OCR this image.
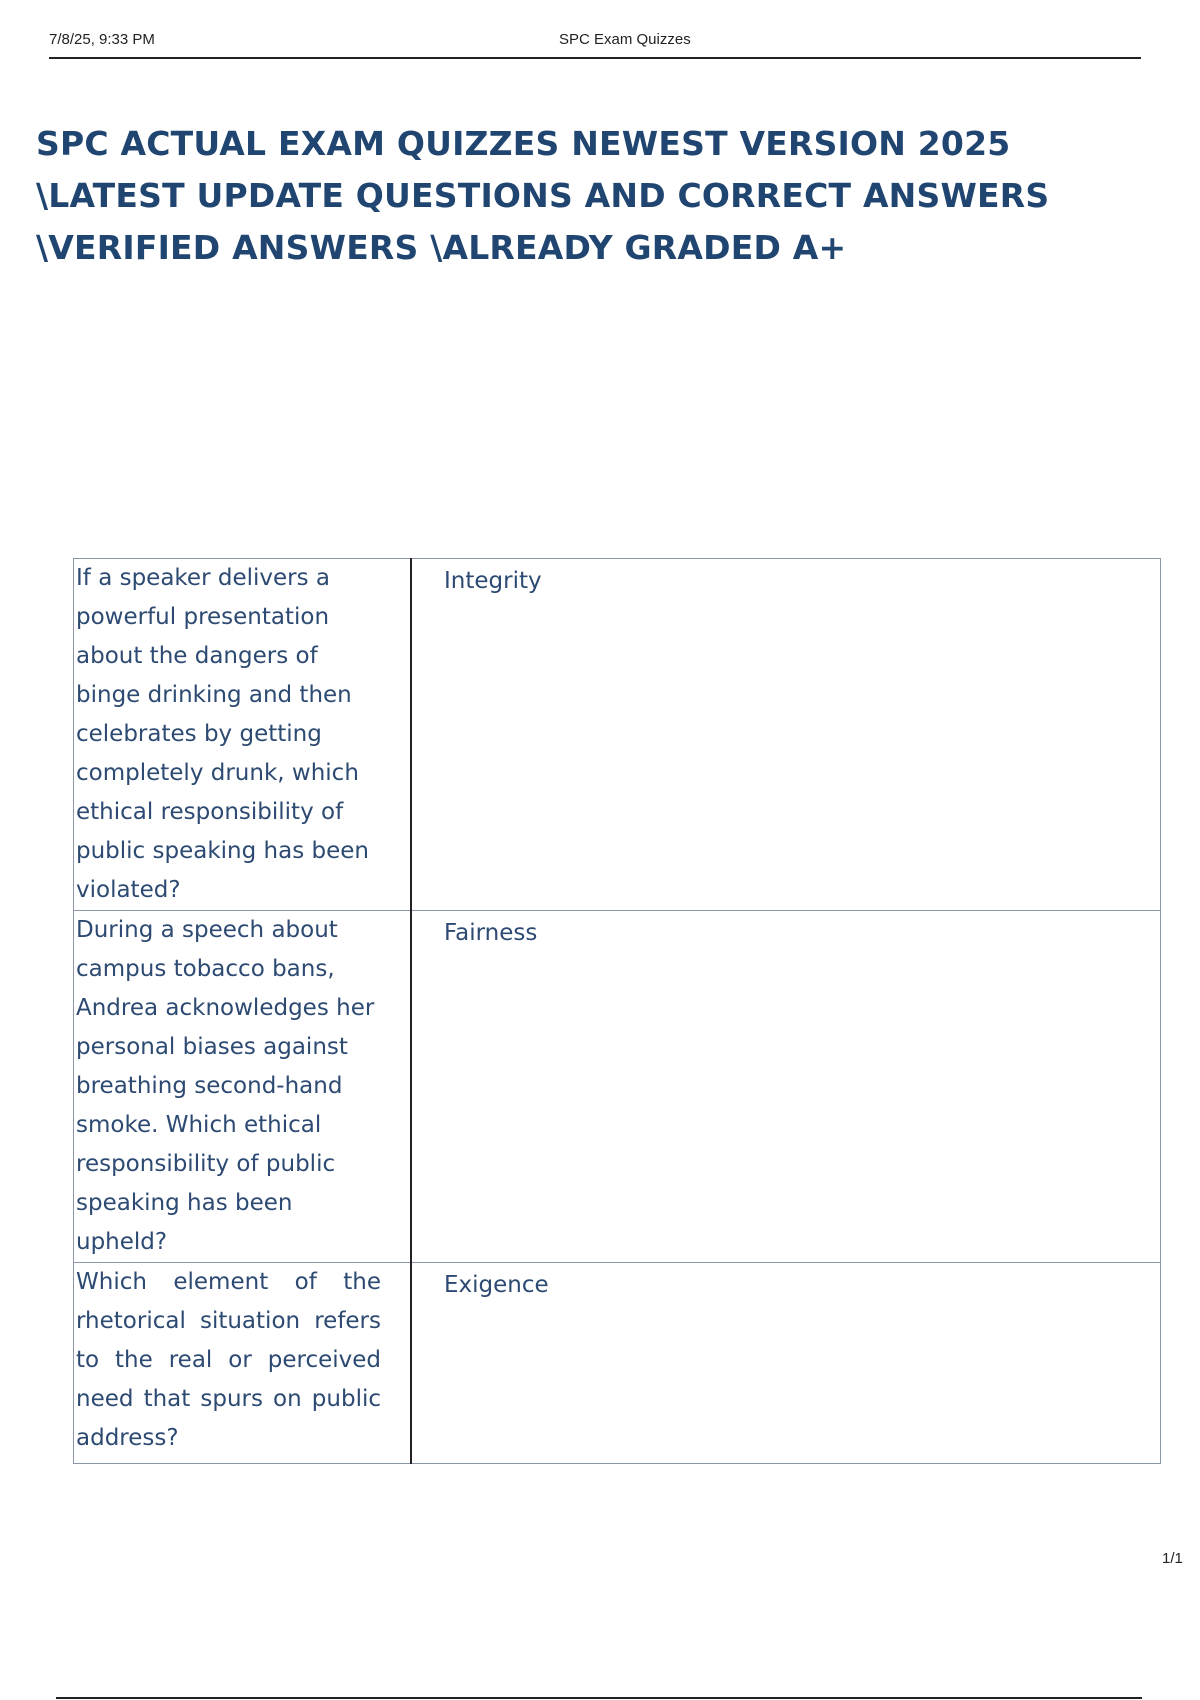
7/8/25, 9:33 PM	SPC Exam Quizzes
SPC ACTUAL EXAM QUIZZES NEWEST VERSION 2025
\LATEST UPDATE QUESTIONS AND CORRECT ANSWERS
\VERIFIED ANSWERS \ALREADY GRADED A+
If a speaker delivers a powerful presentation about the dangers of binge drinking and then celebrates by getting completely drunk, which ethical responsibility of public speaking has been violated?	Integrity

During a speech about campus tobacco bans, Andrea acknowledges her personal biases against breathing second-hand smoke. Which ethical responsibility of public speaking has been upheld?	Fairness

Which element of the rhetorical situation refers to the real or perceived need that spurs on public address?	Exigence
1/1
